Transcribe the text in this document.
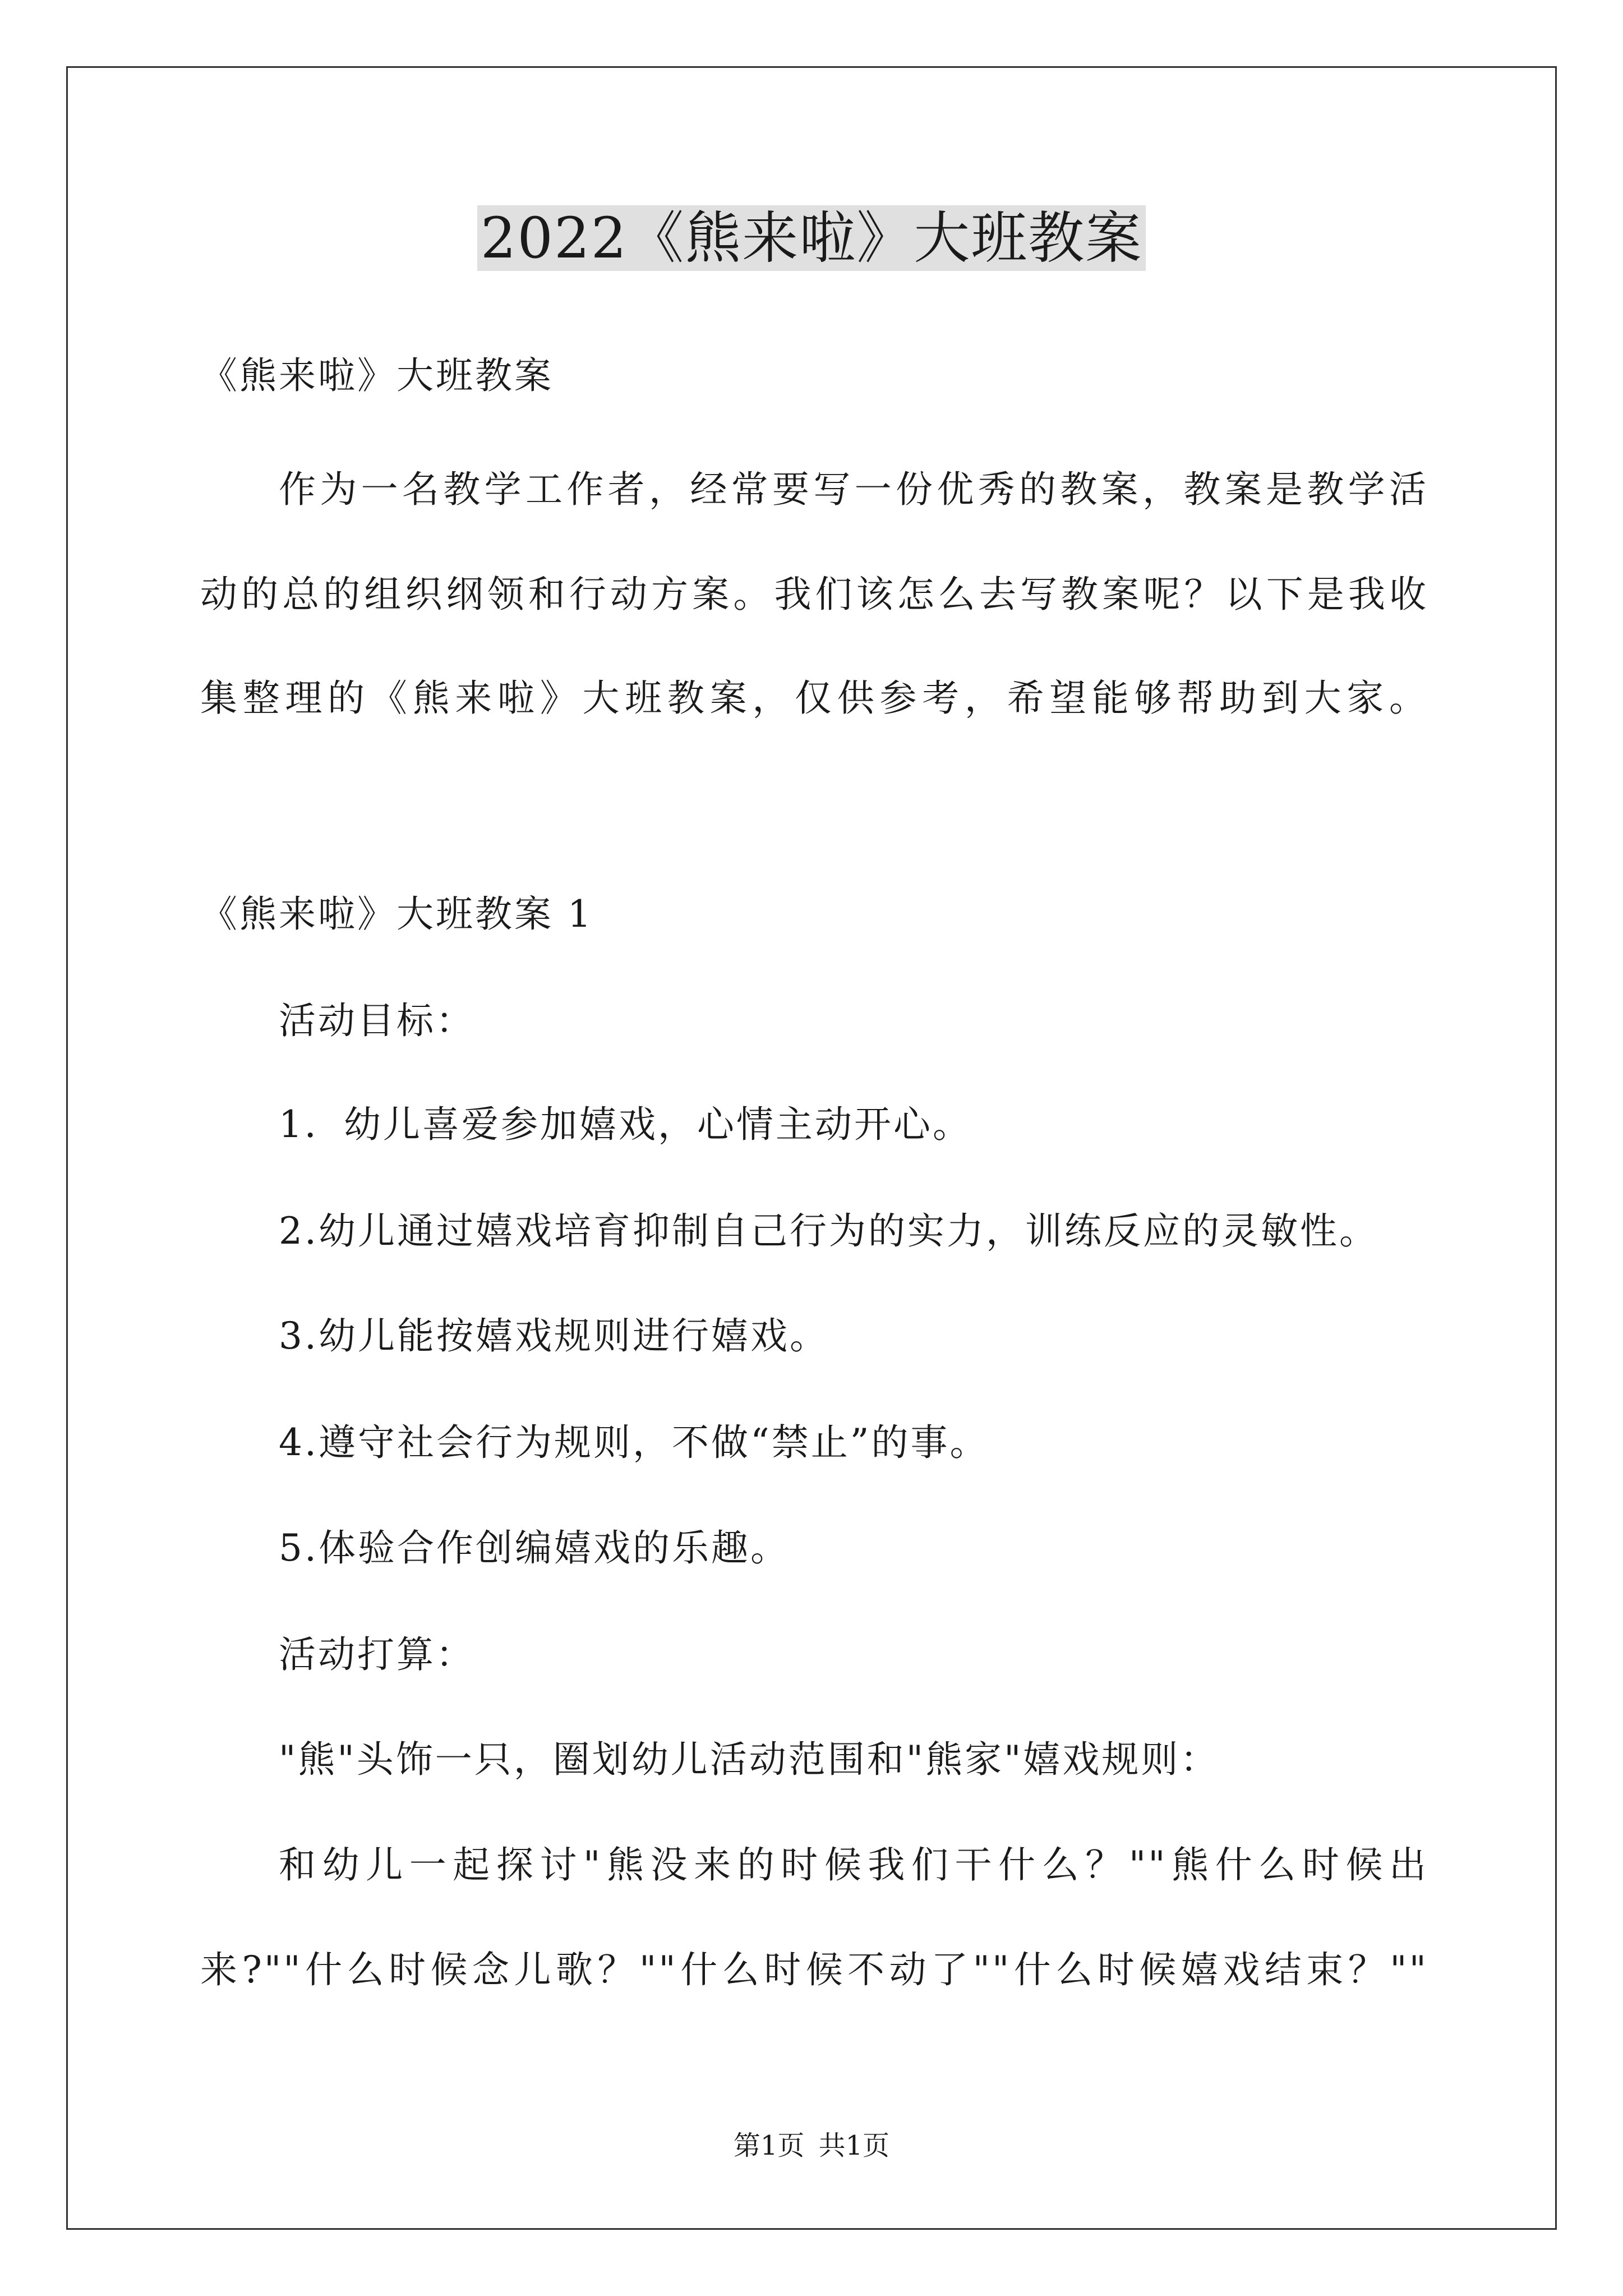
2022《熊来啦》大班教案
《熊来啦》大班教案
作为一名教学工作者，经常要写一份优秀的教案，教案是教学活
动的总的组织纲领和行动方案。我们该怎么去写教案呢？以下是我收
集整理的《熊来啦》大班教案，仅供参考，希望能够帮助到大家。
《熊来啦》大班教案 1
活动目标：
1．幼儿喜爱参加嬉戏，心情主动开心。
2.幼儿通过嬉戏培育抑制自己行为的实力，训练反应的灵敏性。
3.幼儿能按嬉戏规则进行嬉戏。
4.遵守社会行为规则，不做“禁止”的事。
5.体验合作创编嬉戏的乐趣。
活动打算：
"熊"头饰一只，圈划幼儿活动范围和"熊家"嬉戏规则：
和幼儿一起探讨"熊没来的时候我们干什么？""熊什么时候出
来?""什么时候念儿歌？""什么时候不动了""什么时候嬉戏结束？""
第1页 共1页
